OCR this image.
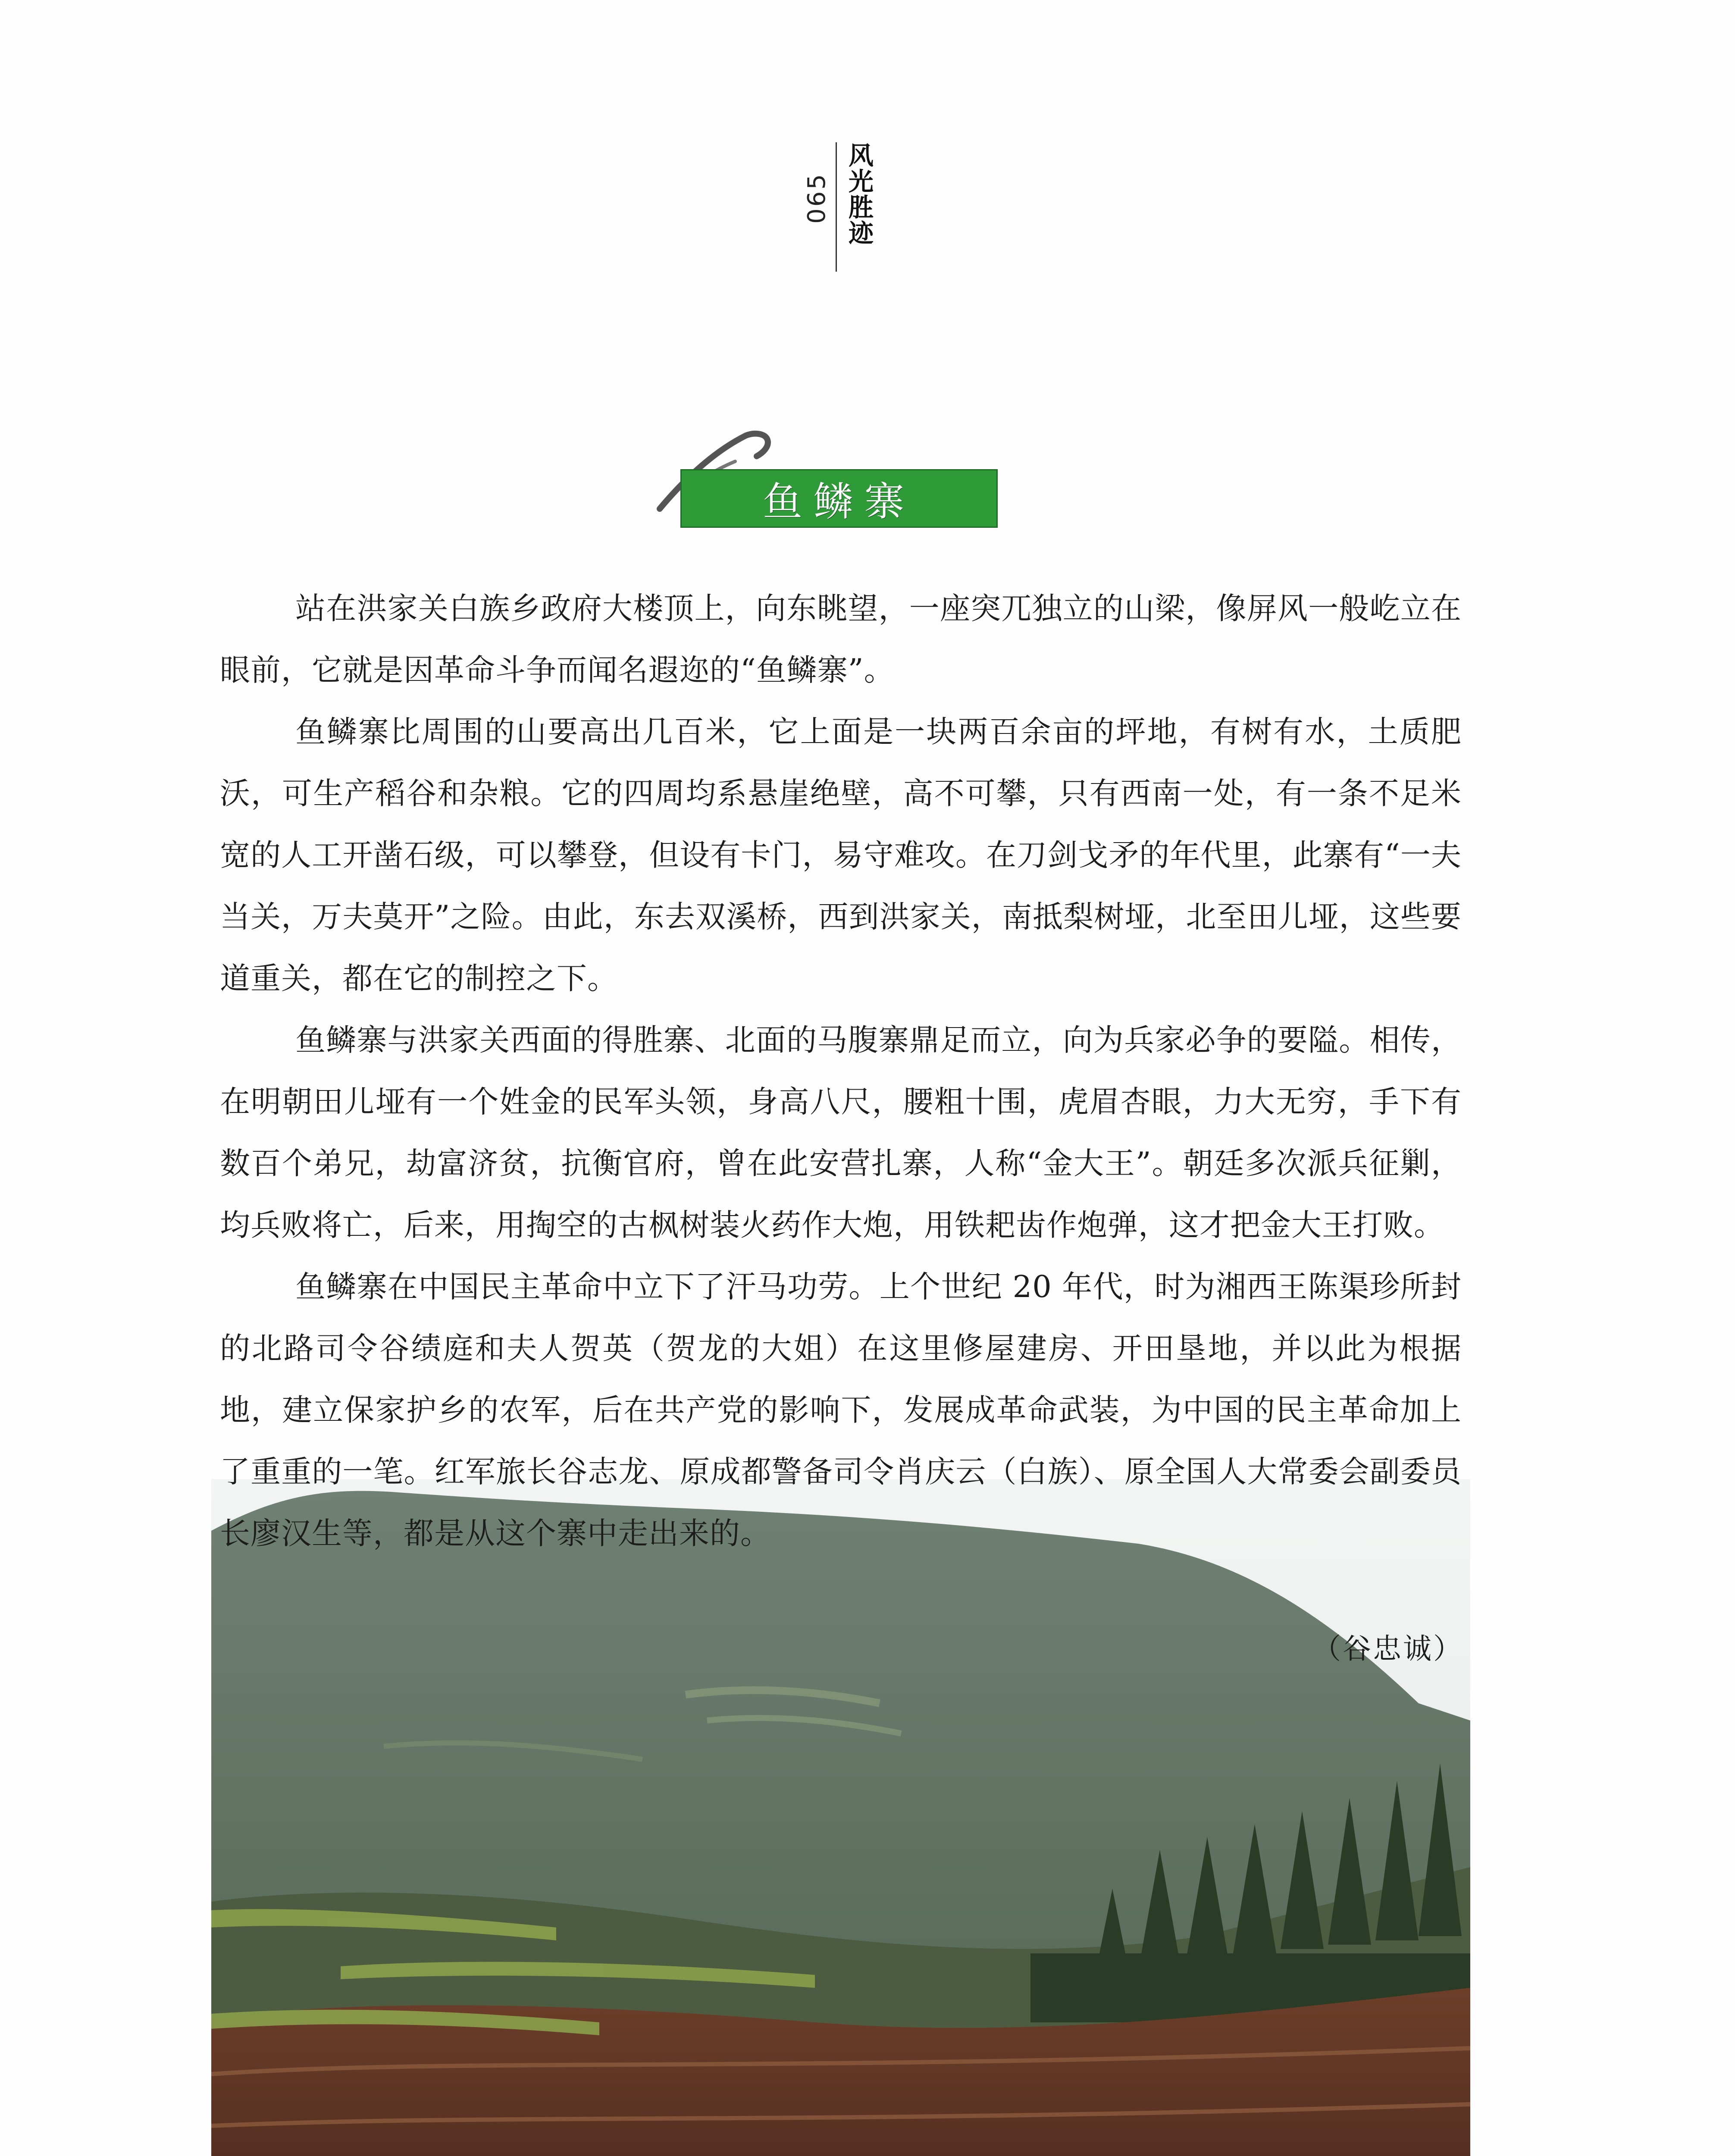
风光胜迹
065
鱼鳞寨

站在洪家关白族乡政府大楼顶上，向东眺望，一座突兀独立的山梁，像屏风一般屹立在眼前，它就是因革命斗争而闻名遐迩的“鱼鳞寨”。

鱼鳞寨比周围的山要高出几百米，它上面是一块两百余亩的坪地，有树有水，土质肥沃，可生产稻谷和杂粮。它的四周均系悬崖绝壁，高不可攀，只有西南一处，有一条不足米宽的人工开凿石级，可以攀登，但设有卡门，易守难攻。在刀剑戈矛的年代里，此寨有“一夫当关，万夫莫开”之险。由此，东去双溪桥，西到洪家关，南抵梨树垭，北至田儿垭，这些要道重关，都在它的制控之下。

鱼鳞寨与洪家关西面的得胜寨、北面的马腹寨鼎足而立，向为兵家必争的要隘。相传，在明朝田儿垭有一个姓金的民军头领，身高八尺，腰粗十围，虎眉杏眼，力大无穷，手下有数百个弟兄，劫富济贫，抗衡官府，曾在此安营扎寨，人称“金大王”。朝廷多次派兵征剿，均兵败将亡，后来，用掏空的古枫树装火药作大炮，用铁耙齿作炮弹，这才把金大王打败。

鱼鳞寨在中国民主革命中立下了汗马功劳。上个世纪 20 年代，时为湘西王陈渠珍所封的北路司令谷绩庭和夫人贺英（贺龙的大姐）在这里修屋建房、开田垦地，并以此为根据地，建立保家护乡的农军，后在共产党的影响下，发展成革命武装，为中国的民主革命加上了重重的一笔。红军旅长谷志龙、原成都警备司令肖庆云（白族）、原全国人大常委会副委员长廖汉生等，都是从这个寨中走出来的。

（谷忠诚）
